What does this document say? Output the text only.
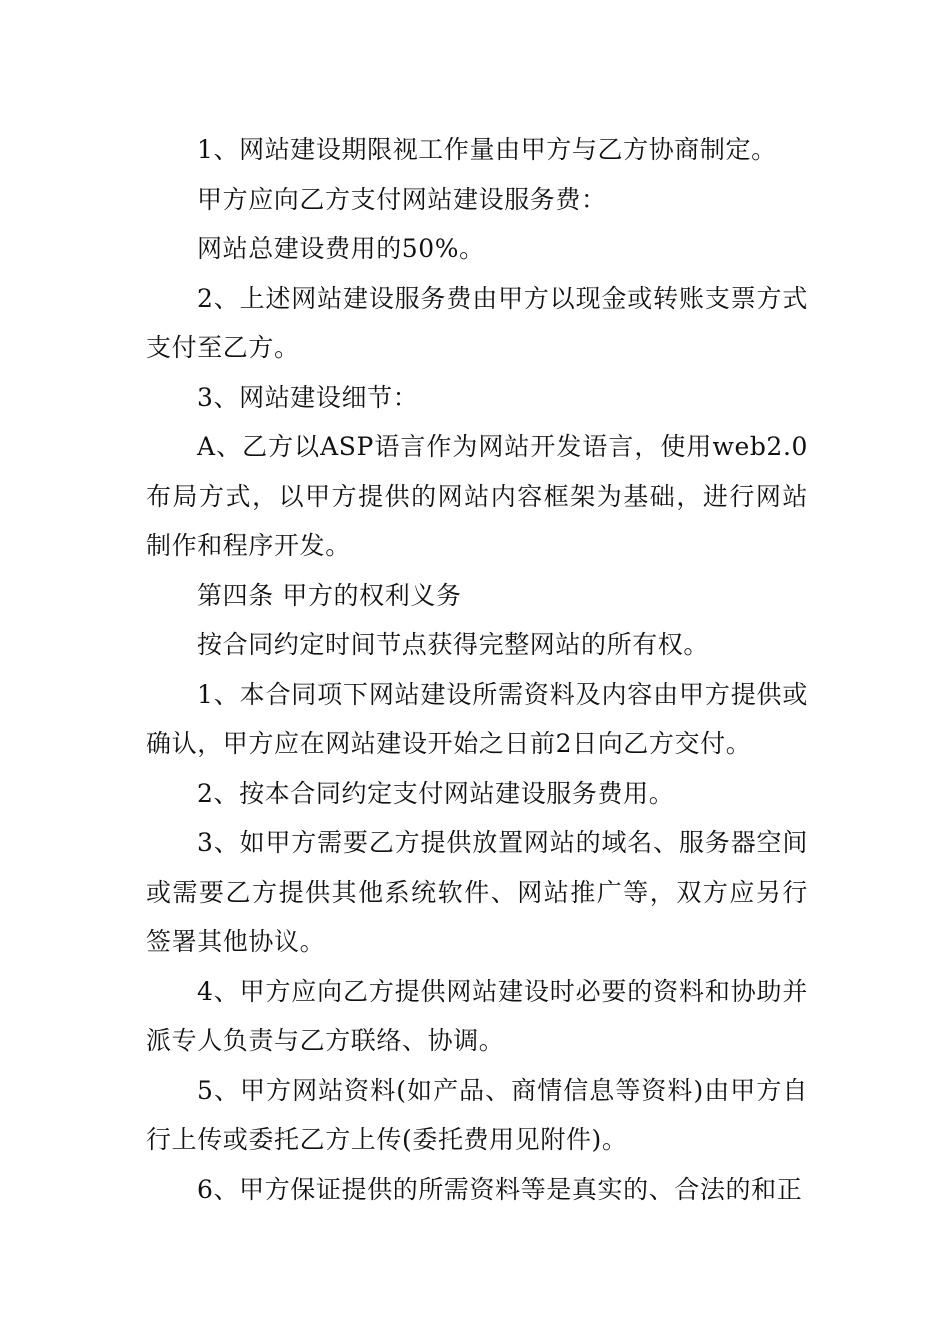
1、网站建设期限视工作量由甲方与乙方协商制定。

甲方应向乙方支付网站建设服务费：

网站总建设费用的50%。

2、上述网站建设服务费由甲方以现金或转账支票方式支付至乙方。

3、网站建设细节：

A、乙方以ASP语言作为网站开发语言，使用web2.0布局方式，以甲方提供的网站内容框架为基础，进行网站制作和程序开发。

第四条 甲方的权利义务

按合同约定时间节点获得完整网站的所有权。

1、本合同项下网站建设所需资料及内容由甲方提供或确认，甲方应在网站建设开始之日前2日向乙方交付。

2、按本合同约定支付网站建设服务费用。

3、如甲方需要乙方提供放置网站的域名、服务器空间或需要乙方提供其他系统软件、网站推广等，双方应另行签署其他协议。

4、甲方应向乙方提供网站建设时必要的资料和协助并派专人负责与乙方联络、协调。

5、甲方网站资料(如产品、商情信息等资料)由甲方自行上传或委托乙方上传(委托费用见附件)。

6、甲方保证提供的所需资料等是真实的、合法的和正
